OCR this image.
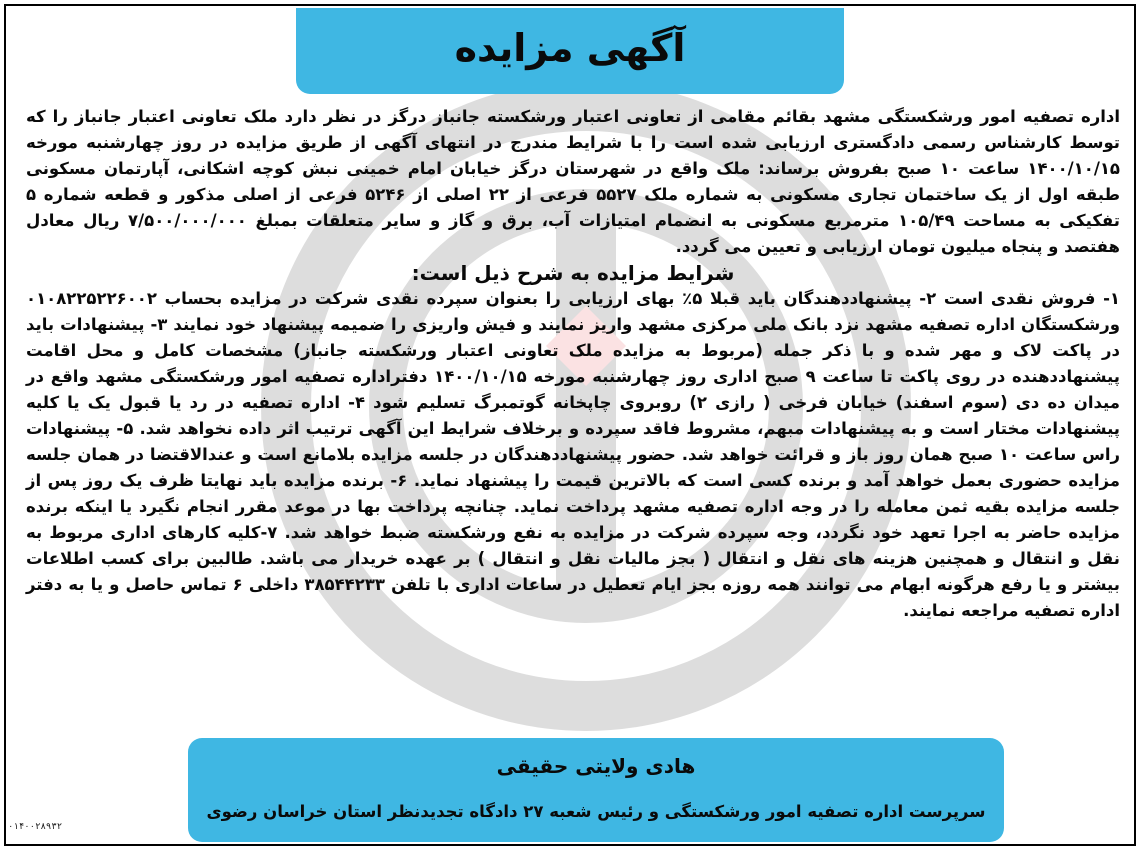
آگهی مزایده

اداره تصفیه امور ورشکستگی مشهد بقائم مقامی از تعاونی اعتبار ورشکسته جانباز درگز در نظر دارد ملک تعاونی اعتبار جانباز را که توسط کارشناس رسمی دادگستری ارزیابی شده است را با شرایط مندرج در انتهای آگهی از طریق مزایده در روز چهارشنبه مورخه ۱۴۰۰/۱۰/۱۵ ساعت ۱۰ صبح بفروش برساند: ملک واقع در شهرستان درگز خیابان امام خمینی نبش کوچه اشکانی، آپارتمان مسکونی طبقه اول از یک ساختمان تجاری مسکونی به شماره ملک ۵۵۲۷ فرعی از ۲۲ اصلی از ۵۲۴۶ فرعی از اصلی مذکور و قطعه شماره ۵ تفکیکی به مساحت ۱۰۵/۴۹ مترمربع مسکونی به انضمام امتیازات آب، برق و گاز و سایر متعلقات بمبلغ ۷/۵۰۰/۰۰۰/۰۰۰ ریال معادل هفتصد و پنجاه میلیون تومان ارزیابی و تعیین می گردد.

شرایط مزایده به شرح ذیل است:

۱- فروش نقدی است ۲- پیشنهاددهندگان باید قبلا ۵٪ بهای ارزیابی را بعنوان سپرده نقدی شرکت در مزایده بحساب ۰۱۰۸۲۲۵۲۲۶۰۰۲ ورشکستگان اداره تصفیه مشهد نزد بانک ملی مرکزی مشهد واریز نمایند و فیش واریزی را ضمیمه پیشنهاد خود نمایند ۳- پیشنهادات باید در پاکت لاک و مهر شده و با ذکر جمله (مربوط به مزایده ملک تعاونی اعتبار ورشکسته جانباز) مشخصات کامل و محل اقامت پیشنهاددهنده در روی پاکت تا ساعت ۹ صبح اداری روز چهارشنبه مورخه ۱۴۰۰/۱۰/۱۵ دفتراداره تصفیه امور ورشکستگی مشهد واقع در میدان ده دی (سوم اسفند) خیابان فرخی ( رازی ۲) روبروی چاپخانه گوتمبرگ تسلیم شود ۴- اداره تصفیه در رد یا قبول یک یا کلیه پیشنهادات مختار است و به پیشنهادات مبهم، مشروط فاقد سپرده و برخلاف شرایط این آگهی ترتیب اثر داده نخواهد شد. ۵- پیشنهادات راس ساعت ۱۰ صبح همان روز باز و قرائت خواهد شد. حضور پیشنهاددهندگان در جلسه مزایده بلامانع است و عندالاقتضا در همان جلسه مزایده حضوری بعمل خواهد آمد و برنده کسی است که بالاترین قیمت را پیشنهاد نماید. ۶- برنده مزایده باید نهایتا ظرف یک روز پس از جلسه مزایده بقیه ثمن معامله را در وجه اداره تصفیه مشهد پرداخت نماید. چنانچه پرداخت بها در موعد مقرر انجام نگیرد یا اینکه برنده مزایده حاضر به اجرا تعهد خود نگردد، وجه سپرده شرکت در مزایده به نفع ورشکسته ضبط خواهد شد. ۷-کلیه کارهای اداری مربوط به نقل و انتقال و همچنین هزینه های نقل و انتقال ( بجز مالیات نقل و انتقال ) بر عهده خریدار می باشد. طالبین برای کسب اطلاعات بیشتر و یا رفع هرگونه ابهام می توانند همه روزه بجز ایام تعطیل در ساعات اداری با تلفن ۳۸۵۴۴۲۳۳ داخلی ۶ تماس حاصل و یا به دفتر اداره تصفیه مراجعه نمایند.

هادی ولایتی حقیقی
سرپرست اداره تصفیه امور ورشکستگی و رئیس شعبه ۲۷ دادگاه تجدیدنظر استان خراسان رضوی
۰۱۴۰۰۲۸۹۳۲
